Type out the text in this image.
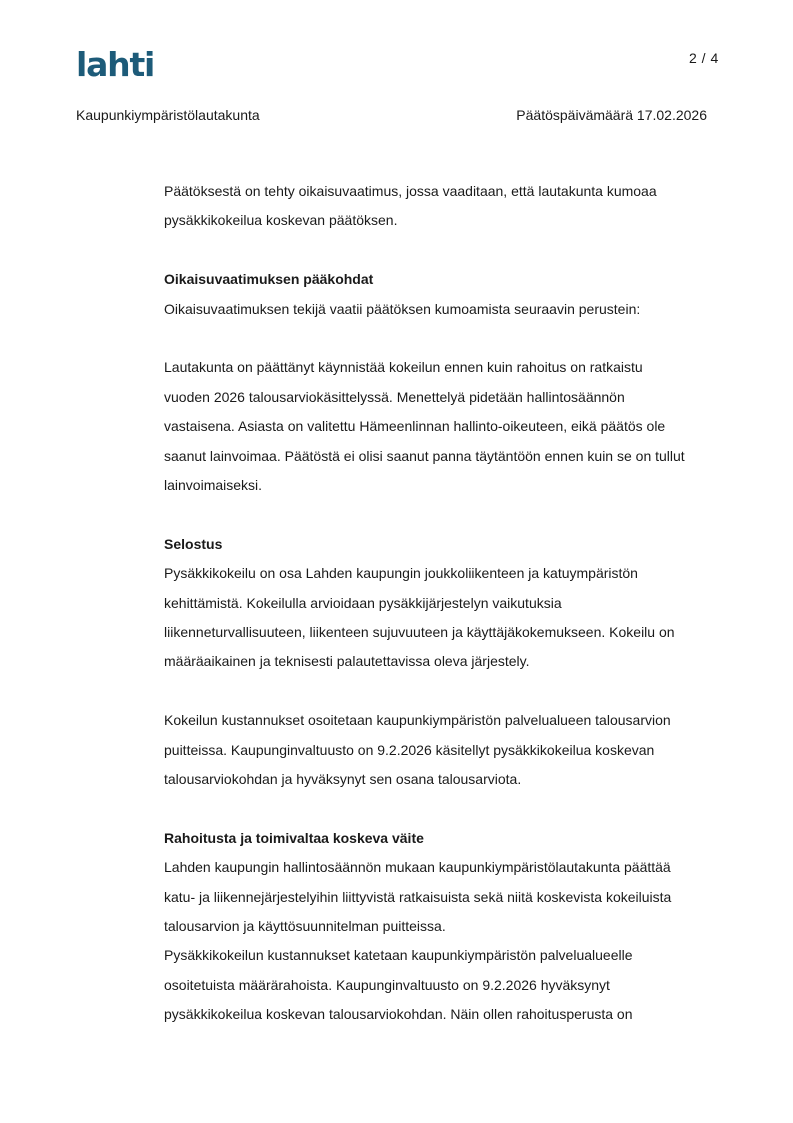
lahti	2 / 4
Kaupunkiympäristölautakunta	Päätöspäivämäärä 17.02.2026

Päätöksestä on tehty oikaisuvaatimus, jossa vaaditaan, että lautakunta kumoaa
pysäkkikokeilua koskevan päätöksen.

Oikaisuvaatimuksen pääkohdat

Oikaisuvaatimuksen tekijä vaatii päätöksen kumoamista seuraavin perustein:

Lautakunta on päättänyt käynnistää kokeilun ennen kuin rahoitus on ratkaistu
vuoden 2026 talousarviokäsittelyssä. Menettelyä pidetään hallintosäännön
vastaisena. Asiasta on valitettu Hämeenlinnan hallinto-oikeuteen, eikä päätös ole
saanut lainvoimaa. Päätöstä ei olisi saanut panna täytäntöön ennen kuin se on tullut
lainvoimaiseksi.

Selostus

Pysäkkikokeilu on osa Lahden kaupungin joukkoliikenteen ja katuympäristön
kehittämistä. Kokeilulla arvioidaan pysäkkijärjestelyn vaikutuksia
liikenneturvallisuuteen, liikenteen sujuvuuteen ja käyttäjäkokemukseen. Kokeilu on
määräaikainen ja teknisesti palautettavissa oleva järjestely.

Kokeilun kustannukset osoitetaan kaupunkiympäristön palvelualueen talousarvion
puitteissa. Kaupunginvaltuusto on 9.2.2026 käsitellyt pysäkkikokeilua koskevan
talousarviokohdan ja hyväksynyt sen osana talousarviota.

Rahoitusta ja toimivaltaa koskeva väite

Lahden kaupungin hallintosäännön mukaan kaupunkiympäristölautakunta päättää
katu- ja liikennejärjestelyihin liittyvistä ratkaisuista sekä niitä koskevista kokeiluista
talousarvion ja käyttösuunnitelman puitteissa.
Pysäkkikokeilun kustannukset katetaan kaupunkiympäristön palvelualueelle
osoitetuista määrärahoista. Kaupunginvaltuusto on 9.2.2026 hyväksynyt
pysäkkikokeilua koskevan talousarviokohdan. Näin ollen rahoitusperusta on
